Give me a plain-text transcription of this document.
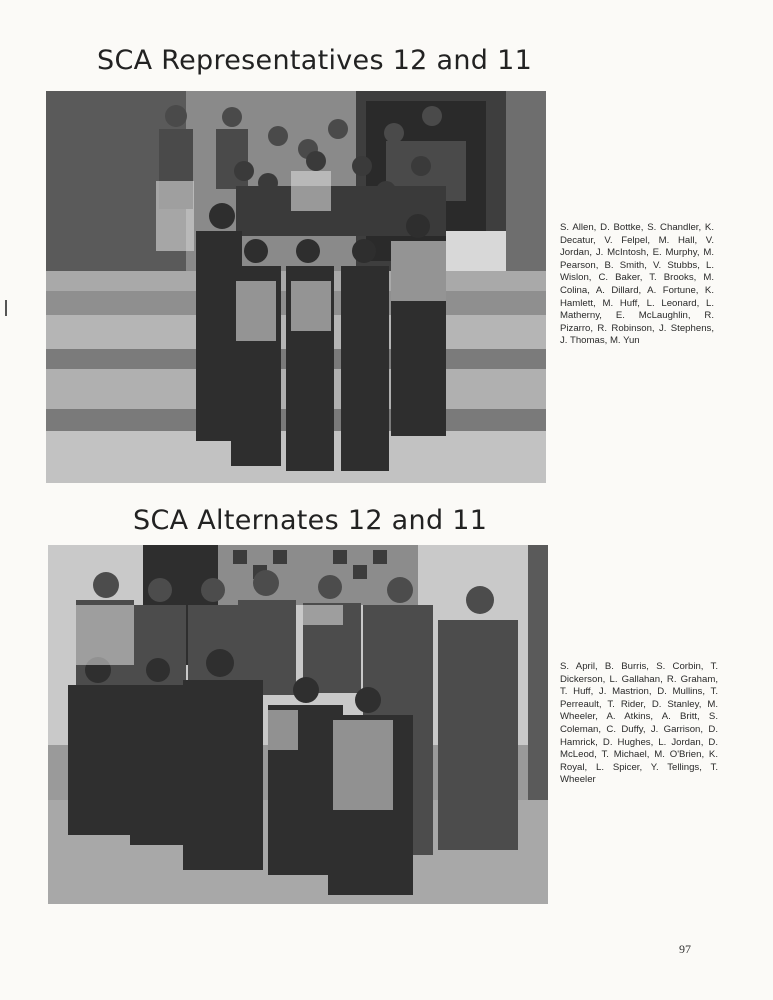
SCA Representatives 12 and 11

S. Allen, D. Bottke, S. Chandler, K. Decatur, V. Felpel, M. Hall, V. Jordan, J. McIntosh, E. Murphy, M. Pearson, B. Smith, V. Stubbs, L. Wislon, C. Baker, T. Brooks, M. Colina, A. Dillard, A. Fortune, K. Hamlett, M. Huff, L. Leonard, L. Matherny, E. McLaughlin, R. Pizarro, R. Robinson, J. Stephens, J. Thomas, M. Yun

SCA Alternates 12 and 11

S. April, B. Burris, S. Corbin, T. Dickerson, L. Gallahan, R. Graham, T. Huff, J. Mastrion, D. Mullins, T. Perreault, T. Rider, D. Stanley, M. Wheeler, A. Atkins, A. Britt, S. Coleman, C. Duffy, J. Garrison, D. Hamrick, D. Hughes, L. Jordan, D. McLeod, T. Michael, M. O'Brien, K. Royal, L. Spicer, Y. Tellings, T. Wheeler

97
